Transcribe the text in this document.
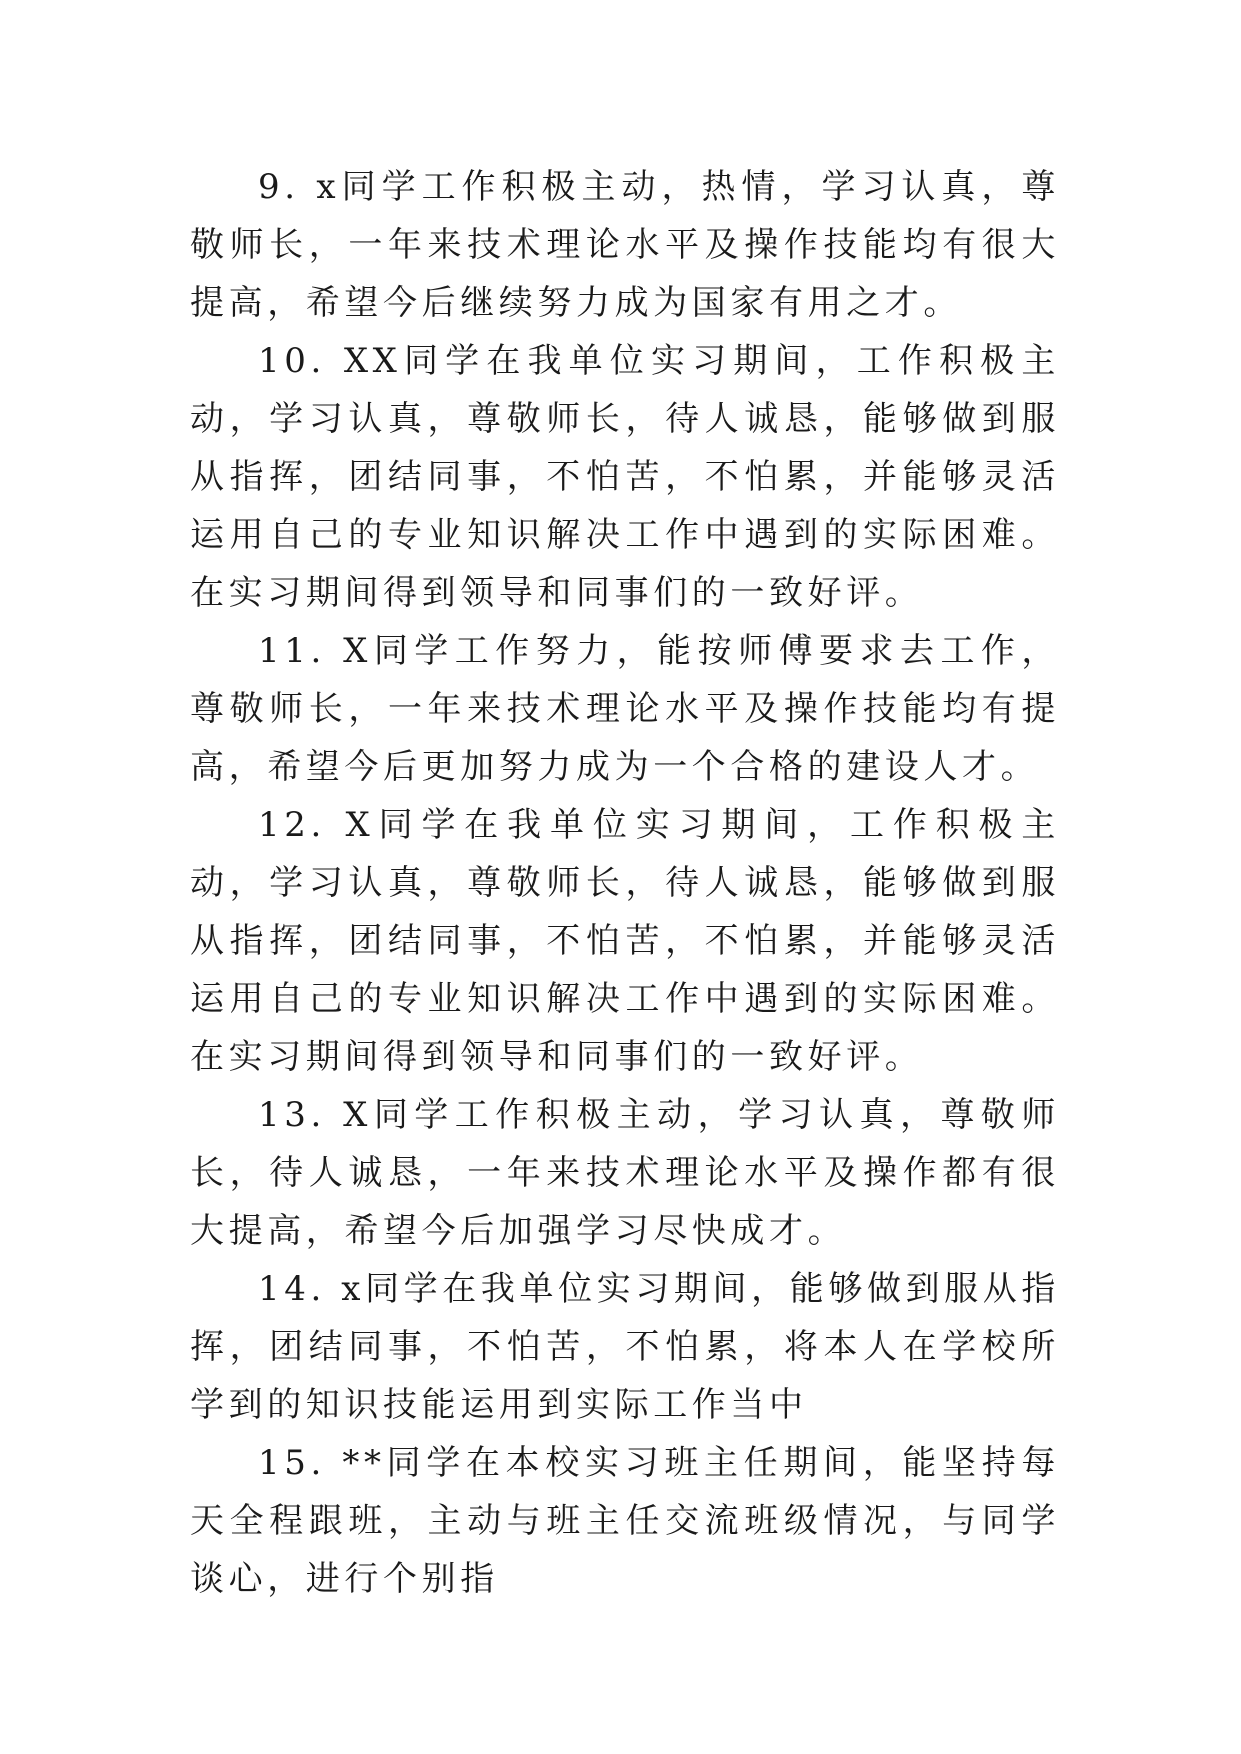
9. x同学工作积极主动，热情，学习认真，尊敬师长，一年来技术理论水平及操作技能均有很大提高，希望今后继续努力成为国家有用之才。

10. XX同学在我单位实习期间，工作积极主动，学习认真，尊敬师长，待人诚恳，能够做到服从指挥，团结同事，不怕苦，不怕累，并能够灵活运用自己的专业知识解决工作中遇到的实际困难。在实习期间得到领导和同事们的一致好评。

11. X同学工作努力，能按师傅要求去工作，尊敬师长，一年来技术理论水平及操作技能均有提高，希望今后更加努力成为一个合格的建设人才。

12. X同学在我单位实习期间，工作积极主动，学习认真，尊敬师长，待人诚恳，能够做到服从指挥，团结同事，不怕苦，不怕累，并能够灵活运用自己的专业知识解决工作中遇到的实际困难。在实习期间得到领导和同事们的一致好评。

13. X同学工作积极主动，学习认真，尊敬师长，待人诚恳，一年来技术理论水平及操作都有很大提高，希望今后加强学习尽快成才。

14. x同学在我单位实习期间，能够做到服从指挥，团结同事，不怕苦，不怕累，将本人在学校所学到的知识技能运用到实际工作当中

15. **同学在本校实习班主任期间，能坚持每天全程跟班，主动与班主任交流班级情况，与同学谈心，进行个别指
